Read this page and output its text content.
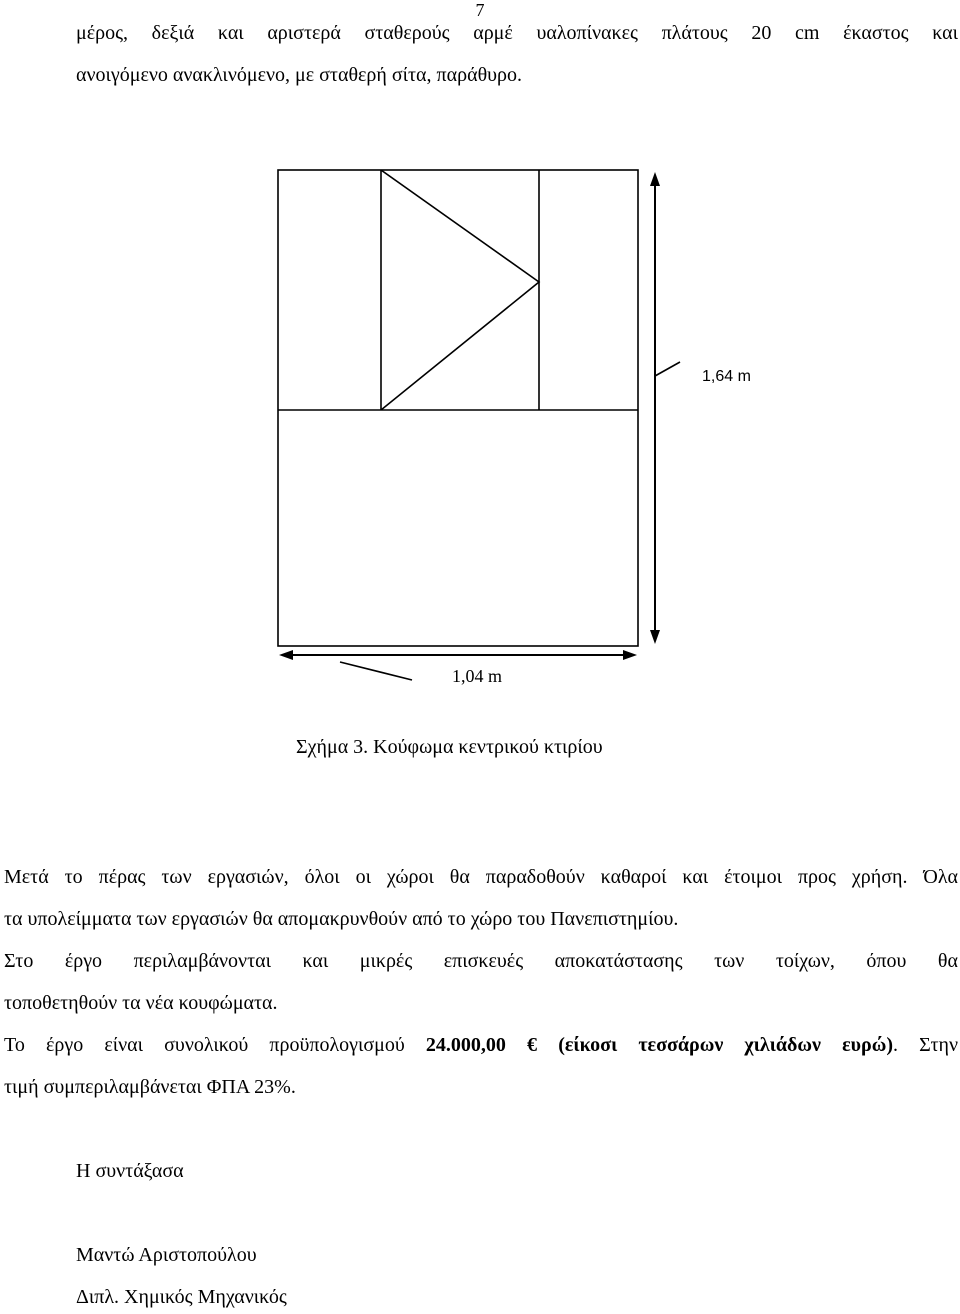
7
μέρος, δεξιά και αριστερά σταθερούς αρμέ υαλοπίνακες πλάτους 20 cm έκαστος και
ανοιγόμενο ανακλινόμενο, με σταθερή σίτα, παράθυρο.
1,64 m
1,04 m
Σχήμα 3. Κούφωμα κεντρικού κτιρίου
Μετά το πέρας των εργασιών, όλοι οι χώροι θα παραδοθούν καθαροί και έτοιμοι προς χρήση. Όλα
τα υπολείμματα των εργασιών θα απομακρυνθούν από το χώρο του Πανεπιστημίου.
Στο έργο περιλαμβάνονται και μικρές επισκευές αποκατάστασης των τοίχων, όπου θα
τοποθετηθούν τα νέα κουφώματα.
Το έργο είναι συνολικού προϋπολογισμού 24.000,00 € (είκοσι τεσσάρων χιλιάδων ευρώ). Στην
τιμή συμπεριλαμβάνεται ΦΠΑ 23%.
Η συντάξασα
Μαντώ Αριστοπούλου
Διπλ. Χημικός Μηχανικός
